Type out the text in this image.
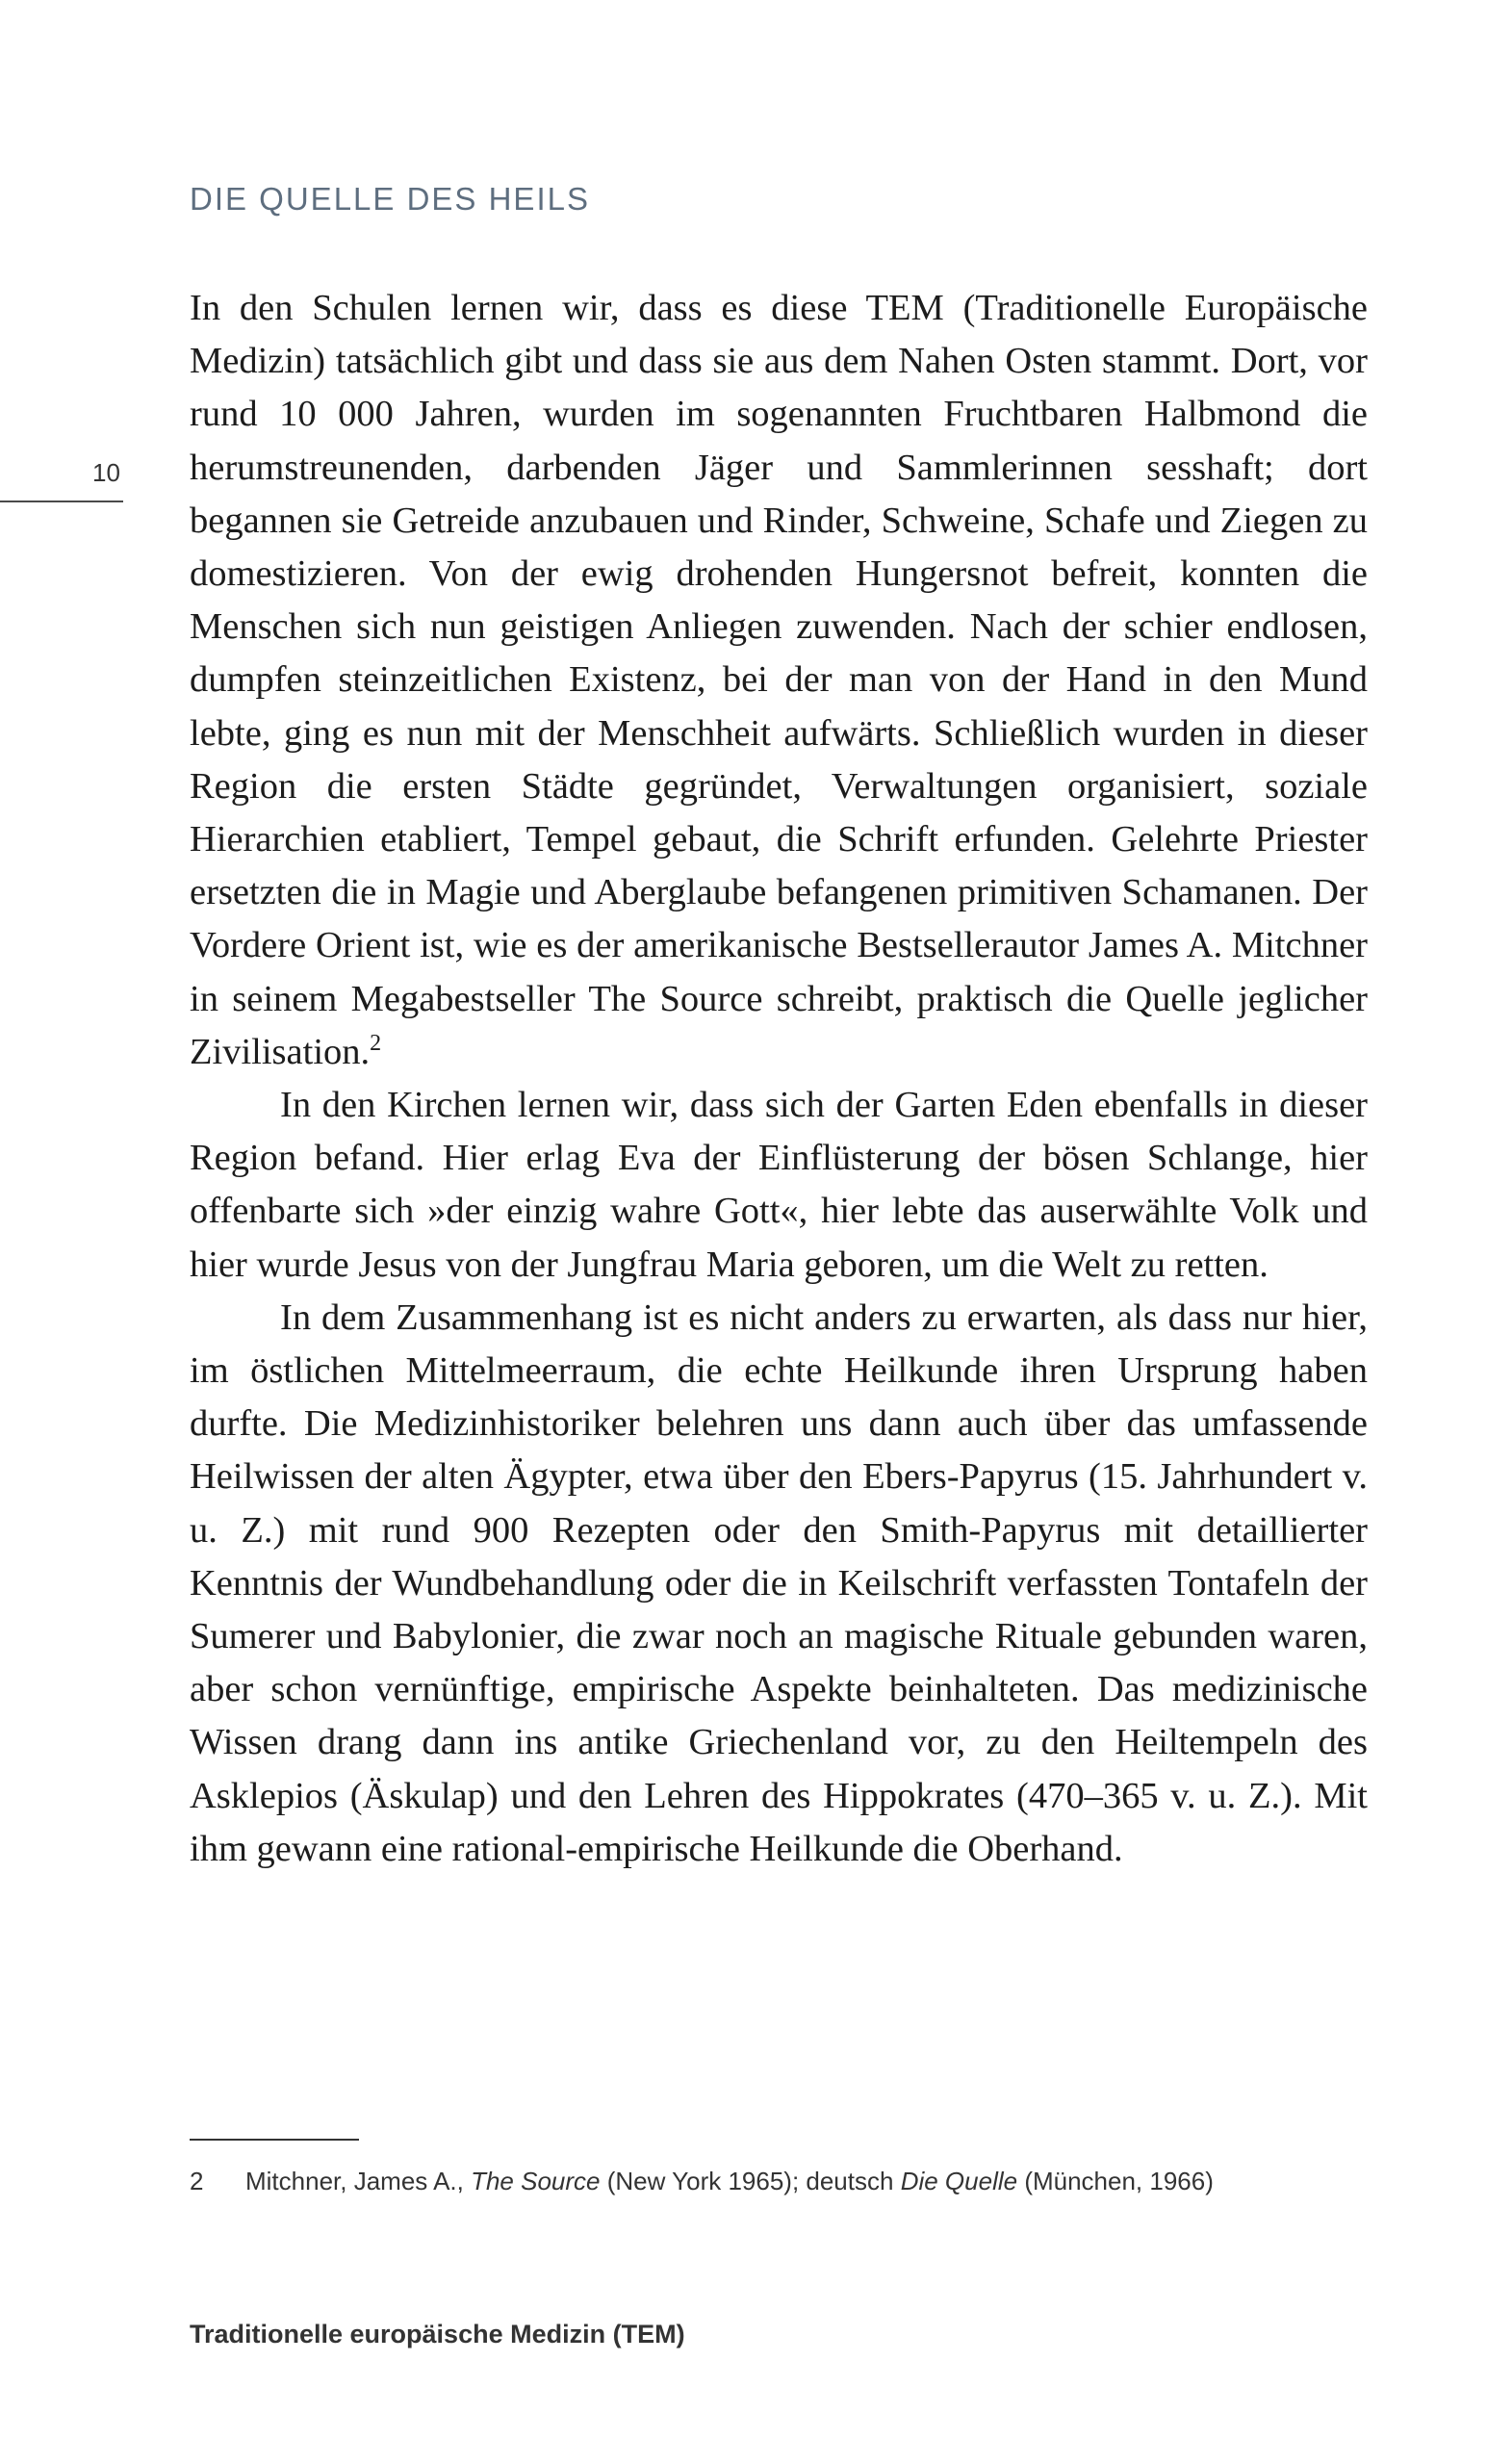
DIE QUELLE DES HEILS
10

In den Schulen lernen wir, dass es diese TEM (Traditionelle Europäische Medizin) tatsächlich gibt und dass sie aus dem Nahen Osten stammt. Dort, vor rund 10 000 Jahren, wurden im sogenannten Fruchtbaren Halbmond die herumstreunenden, darbenden Jäger und Sammlerinnen sesshaft; dort begannen sie Getreide anzubauen und Rinder, Schweine, Schafe und Ziegen zu domestizieren. Von der ewig drohenden Hungersnot befreit, konnten die Menschen sich nun geistigen Anliegen zuwenden. Nach der schier endlosen, dumpfen steinzeitlichen Existenz, bei der man von der Hand in den Mund lebte, ging es nun mit der Menschheit aufwärts. Schließlich wurden in dieser Region die ersten Städte gegründet, Verwaltungen organisiert, soziale Hierarchien etabliert, Tempel gebaut, die Schrift erfunden. Gelehrte Priester ersetzten die in Magie und Aberglaube befangenen primitiven Schamanen. Der Vordere Orient ist, wie es der amerikanische Bestsellerautor James A. Mitchner in seinem Megabestseller The Source schreibt, praktisch die Quelle jeglicher Zivilisation.$^2$

In den Kirchen lernen wir, dass sich der Garten Eden ebenfalls in dieser Region befand. Hier erlag Eva der Einflüsterung der bösen Schlange, hier offenbarte sich »der einzig wahre Gott«, hier lebte das auserwählte Volk und hier wurde Jesus von der Jungfrau Maria geboren, um die Welt zu retten.

In dem Zusammenhang ist es nicht anders zu erwarten, als dass nur hier, im östlichen Mittelmeerraum, die echte Heilkunde ihren Ursprung haben durfte. Die Medizinhistoriker belehren uns dann auch über das umfassende Heilwissen der alten Ägypter, etwa über den Ebers-Papyrus (15. Jahrhundert v. u. Z.) mit rund 900 Rezepten oder den Smith-Papyrus mit detaillierter Kenntnis der Wundbehandlung oder die in Keilschrift verfassten Tontafeln der Sumerer und Babylonier, die zwar noch an magische Rituale gebunden waren, aber schon vernünftige, empirische Aspekte beinhalteten. Das medizinische Wissen drang dann ins antike Griechenland vor, zu den Heiltempeln des Asklepios (Äskulap) und den Lehren des Hippokrates (470–365 v. u. Z.). Mit ihm gewann eine rational-empirische Heilkunde die Oberhand.

2 Mitchner, James A., The Source (New York 1965); deutsch Die Quelle (München, 1966)
Traditionelle europäische Medizin (TEM)
